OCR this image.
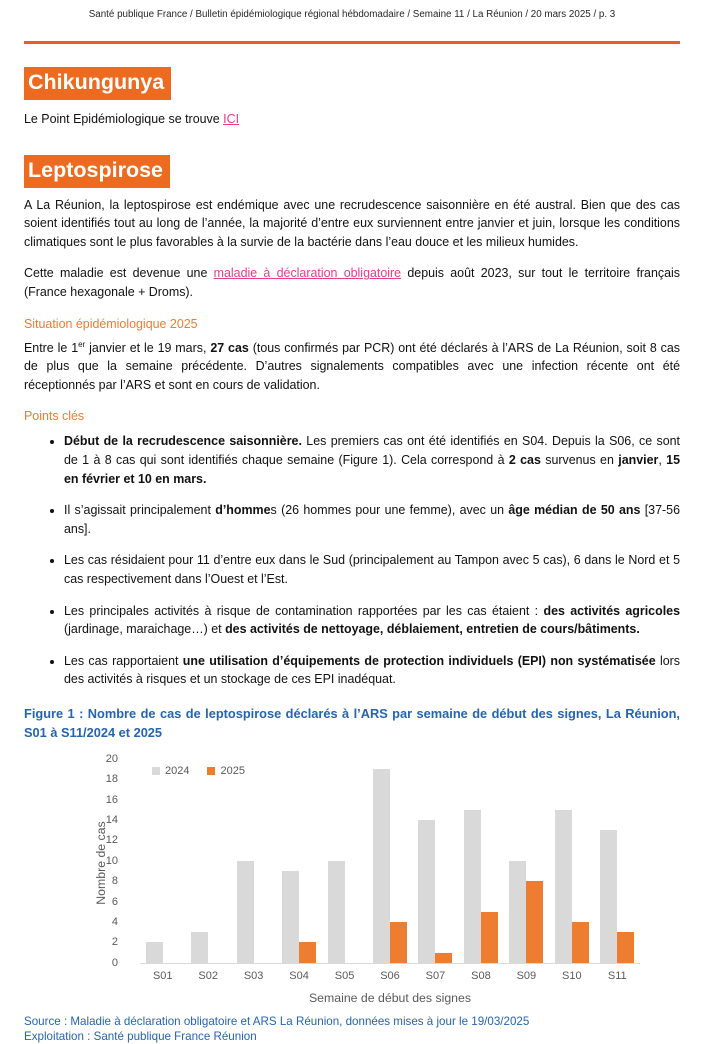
Santé publique France / Bulletin épidémiologique régional hébdomadaire / Semaine 11 / La Réunion / 20 mars 2025 / p. 3
Chikungunya
Le Point Epidémiologique se trouve ICI
Leptospirose
A La Réunion, la leptospirose est endémique avec une recrudescence saisonnière en été austral. Bien que des cas soient identifiés tout au long de l’année, la majorité d’entre eux surviennent entre janvier et juin, lorsque les conditions climatiques sont le plus favorables à la survie de la bactérie dans l’eau douce et les milieux humides.
Cette maladie est devenue une maladie à déclaration obligatoire depuis août 2023, sur tout le territoire français (France hexagonale + Droms).
Situation épidémiologique 2025
Entre le 1er janvier et le 19 mars, 27 cas (tous confirmés par PCR) ont été déclarés à l’ARS de La Réunion, soit 8 cas de plus que la semaine précédente. D’autres signalements compatibles avec une infection récente ont été réceptionnés par l’ARS et sont en cours de validation.
Points clés
• Début de la recrudescence saisonnière. Les premiers cas ont été identifiés en S04. Depuis la S06, ce sont de 1 à 8 cas qui sont identifiés chaque semaine (Figure 1). Cela correspond à 2 cas survenus en janvier, 15 en février et 10 en mars.
• Il s’agissait principalement d’hommes (26 hommes pour une femme), avec un âge médian de 50 ans [37-56 ans].
• Les cas résidaient pour 11 d’entre eux dans le Sud (principalement au Tampon avec 5 cas), 6 dans le Nord et 5 cas respectivement dans l’Ouest et l’Est.
• Les principales activités à risque de contamination rapportées par les cas étaient : des activités agricoles (jardinage, maraichage…) et des activités de nettoyage, déblaiement, entretien de cours/bâtiments.
• Les cas rapportaient une utilisation d’équipements de protection individuels (EPI) non systématisée lors des activités à risques et un stockage de ces EPI inadéquat.
Figure 1 : Nombre de cas de leptospirose déclarés à l’ARS par semaine de début des signes, La Réunion, S01 à S11/2024 et 2025
Nombre de cas
2024	2025
S01	S02	S03	S04	S05	S06	S07	S08	S09	S10	S11
Semaine de début des signes
0
2
4
6
8
10
12
14
16
18
20
Source : Maladie à déclaration obligatoire et ARS La Réunion, données mises à jour le 19/03/2025
Exploitation : Santé publique France Réunion
